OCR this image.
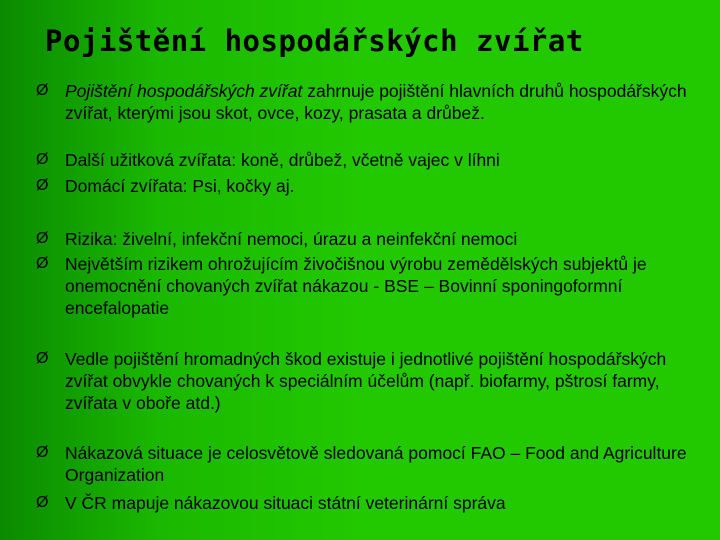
Pojištění hospodářských zvířat
Ø Pojištění hospodářských zvířat zahrnuje pojištění hlavních druhů hospodářských zvířat, kterými jsou skot, ovce, kozy, prasata a drůbež.
Ø Další užitková zvířata: koně, drůbež, včetně vajec v líhni
Ø Domácí zvířata: Psi, kočky aj.
Ø Rizika: živelní, infekční nemoci, úrazu a neinfekční nemoci
Ø Největším rizikem ohrožujícím živočišnou výrobu zemědělských subjektů je onemocnění chovaných zvířat nákazou - BSE – Bovinní sponingoformní encefalopatie
Ø Vedle pojištění hromadných škod existuje i jednotlivé pojištění hospodářských zvířat obvykle chovaných k speciálním účelům (např. biofarmy, pštrosí farmy, zvířata v oboře atd.)
Ø Nákazová situace je celosvětově sledovaná pomocí FAO – Food and Agriculture Organization
Ø V ČR mapuje nákazovou situaci státní veterinární správa
